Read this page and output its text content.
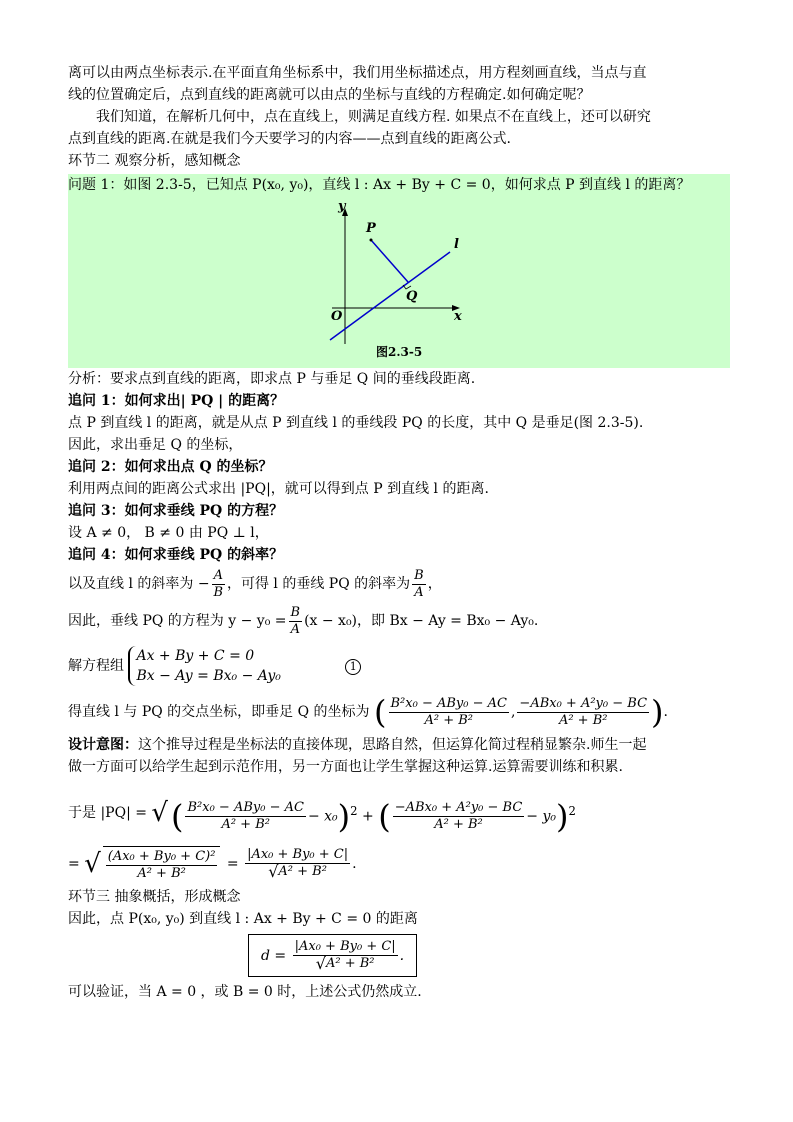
离可以由两点坐标表示.在平面直角坐标系中，我们用坐标描述点，用方程刻画直线，当点与直

线的位置确定后，点到直线的距离就可以由点的坐标与直线的方程确定.如何确定呢？

我们知道，在解析几何中，点在直线上，则满足直线方程. 如果点不在直线上，还可以研究

点到直线的距离.在就是我们今天要学习的内容——点到直线的距离公式.

环节二 观察分析，感知概念

问题 1：如图 2.3-5，已知点 P(x₀, y₀)，直线 l : Ax + By + C = 0，如何求点 P 到直线 l 的距离？

y
x
O
P
Q
l
图2.3-5

分析：要求点到直线的距离，即求点 P 与垂足 Q 间的垂线段距离.

追问 1：如何求出| PQ | 的距离？

点 P 到直线 l 的距离，就是从点 P 到直线 l 的垂线段 PQ 的长度，其中 Q 是垂足(图 2.3-5).

因此，求出垂足 Q 的坐标，

追问 2：如何求出点 Q 的坐标？

利用两点间的距离公式求出 |PQ|，就可以得到点 P 到直线 l 的距离.

追问 3：如何求垂线 PQ 的方程？

设 A ≠ 0， B ≠ 0 由 PQ ⊥ l，

追问 4：如何求垂线 PQ 的斜率？

以及直线 l 的斜率为 − $\frac{A}{B}$ ，可得 l 的垂线 PQ 的斜率为 $\frac{B}{A}$ ，

因此，垂线 PQ 的方程为 $y - y_0 = \frac{B}{A} (x - x_0)$，即 Bx − Ay = Bx₀ − Ay₀.

解方程组
Ax + By + C = 0
Bx − Ay = Bx₀ − Ay₀
1

得直线 l 与 PQ 的交点坐标，即垂足 Q 的坐标为 ( $\frac{\text{B²x₀ − ABy₀ − AC}}{\text{A² + B²}}$ , $\frac{\text{−ABx₀ + A²y₀ − BC}}{\text{A² + B²}}$ ).

设计意图：这个推导过程是坐标法的直接体现，思路自然，但运算化简过程稍显繁杂.师生一起

做一方面可以给学生起到示范作用，另一方面也让学生掌握这种运算.运算需要训练和积累.

于是 |PQ| = √( $\frac{\text{B²x₀ − ABy₀ − AC}}{\text{A² + B²}} - x_0)^2$ + ( $\frac{\text{−ABx₀ + A²y₀ − BC}}{\text{A² + B²}} - y_0)^2$
= √ $\frac{\text{(Ax₀ + By₀ + C)²}}{\text{A² + B²}} = \frac{\text{|Ax₀ + By₀ + C|}}{\text{√A² + B²}}$ .

环节三 抽象概括，形成概念

因此，点 P(x₀, y₀) 到直线 l : Ax + By + C = 0 的距离

$d = \frac{\text{|Ax₀ + By₀ + C|}}{\text{√A² + B²}}$ .

可以验证，当 A = 0 ，或 B = 0 时，上述公式仍然成立.
